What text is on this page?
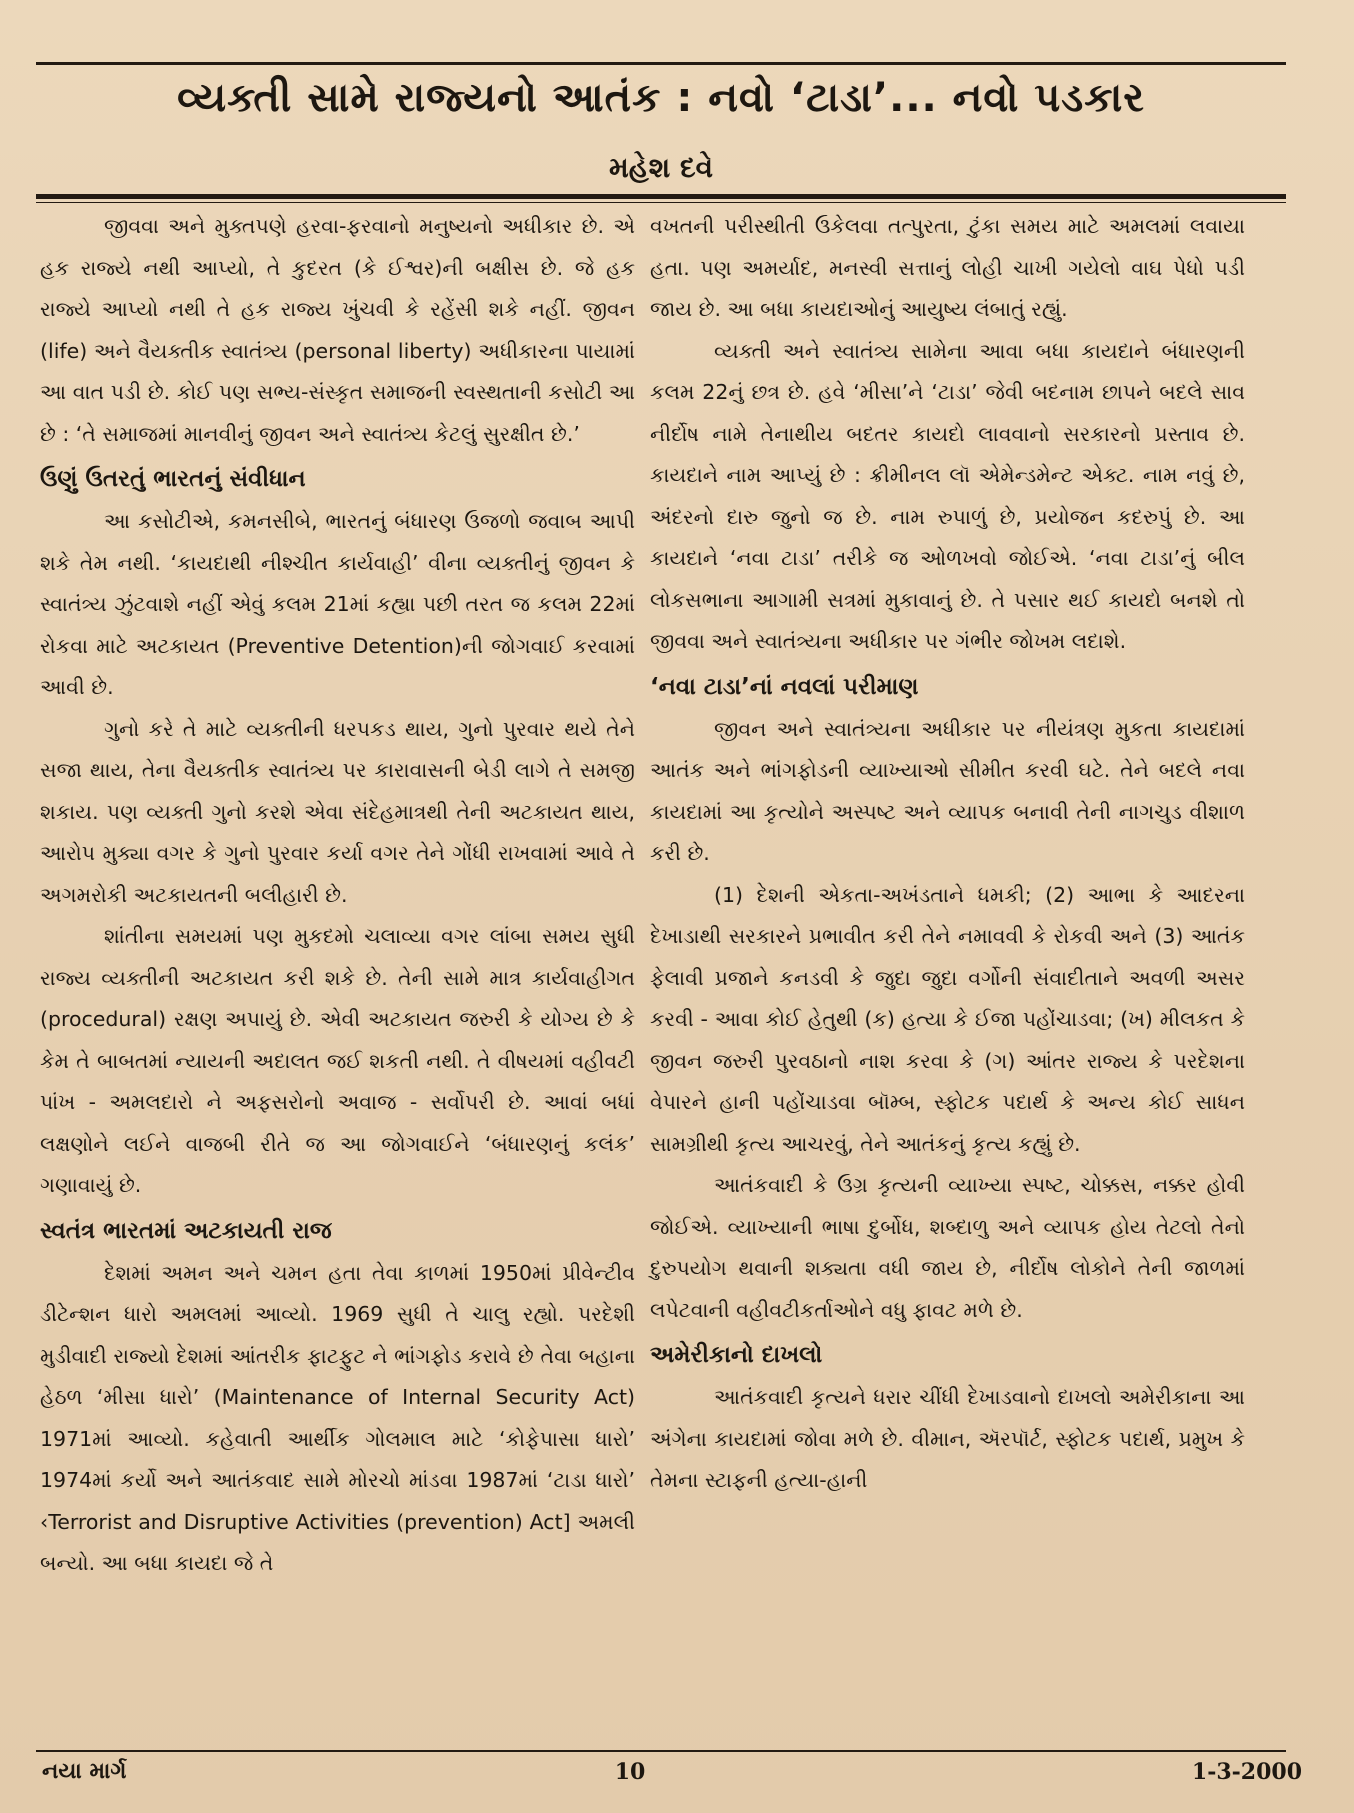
વ્યક્તી સામે રાજ્યનો આતંક : નવો ‘ટાડા’... નવો પડકાર
મહેશ દવે

જીવવા અને મુક્તપણે હરવા-ફરવાનો મનુષ્યનો અધીકાર છે. એ હક રાજ્યે નથી આપ્યો, તે કુદરત (કે ઈશ્વર)ની બક્ષીસ છે. જે હક રાજ્યે આપ્યો નથી તે હક રાજ્ય ખુંચવી કે રહેંસી શકે નહીં. જીવન (life) અને વૈયક્તીક સ્વાતંત્ર્ય (personal liberty) અધીકારના પાયામાં આ વાત પડી છે. કોઈ પણ સભ્ય-સંસ્કૃત સમાજની સ્વસ્થતાની કસોટી આ છે : ‘તે સમાજમાં માનવીનું જીવન અને સ્વાતંત્ર્ય કેટલું સુરક્ષીત છે.’

ઉણું ઉતરતું ભારતનું સંવીધાન

આ કસોટીએ, કમનસીબે, ભારતનું બંધારણ ઉજળો જવાબ આપી શકે તેમ નથી. ‘કાયદાથી નીશ્ચીત કાર્યવાહી’ વીના વ્યક્તીનું જીવન કે સ્વાતંત્ર્ય ઝુંટવાશે નહીં એવું કલમ 21માં કહ્યા પછી તરત જ કલમ 22માં રોકવા માટે અટકાયત (Preventive Detention)ની જોગવાઈ કરવામાં આવી છે.

ગુનો કરે તે માટે વ્યક્તીની ધરપકડ થાય, ગુનો પુરવાર થયે તેને સજા થાય, તેના વૈયક્તીક સ્વાતંત્ર્ય પર કારાવાસની બેડી લાગે તે સમજી શકાય. પણ વ્યક્તી ગુનો કરશે એવા સંદેહમાત્રથી તેની અટકાયત થાય, આરોપ મુક્યા વગર કે ગુનો પુરવાર કર્યા વગર તેને ગોંધી રાખવામાં આવે તે અગમરોકી અટકાયતની બલીહારી છે.

શાંતીના સમયમાં પણ મુકદમો ચલાવ્યા વગર લાંબા સમય સુધી રાજ્ય વ્યક્તીની અટકાયત કરી શકે છે. તેની સામે માત્ર કાર્યવાહીગત (procedural) રક્ષણ અપાયું છે. એવી અટકાયત જરુરી કે યોગ્ય છે કે કેમ તે બાબતમાં ન્યાયની અદાલત જઈ શકતી નથી. તે વીષયમાં વહીવટી પાંખ - અમલદારો ને અફસરોનો અવાજ - સર્વોપરી છે. આવાં બધાં લક્ષણોને લઈને વાજબી રીતે જ આ જોગવાઈને ‘બંધારણનું કલંક’ ગણાવાયું છે.

સ્વતંત્ર ભારતમાં અટકાયતી રાજ

દેશમાં અમન અને ચમન હતા તેવા કાળમાં 1950માં પ્રીવેન્ટીવ ડીટેન્શન ધારો અમલમાં આવ્યો. 1969 સુધી તે ચાલુ રહ્યો. પરદેશી મુડીવાદી રાજ્યો દેશમાં આંતરીક ફાટફુટ ને ભાંગફોડ કરાવે છે તેવા બહાના હેઠળ ‘મીસા ધારો’ (Maintenance of Internal Security Act) 1971માં આવ્યો. કહેવાતી આર્થીક ગોલમાલ માટે ‘કોફેપાસા ધારો’ 1974માં કર્યો અને આતંકવાદ સામે મોરચો માંડવા 1987માં ‘ટાડા ધારો’ ‹Terrorist and Disruptive Activities (prevention) Act] અમલી બન્યો. આ બધા કાયદા જે તે

વખતની પરીસ્થીતી ઉકેલવા તત્પુરતા, ટુંકા સમય માટે અમલમાં લવાયા હતા. પણ અમર્યાદ, મનસ્વી સત્તાનું લોહી ચાખી ગયેલો વાઘ પેધો પડી જાય છે. આ બધા કાયદાઓનું આયુષ્ય લંબાતું રહ્યું.

વ્યક્તી અને સ્વાતંત્ર્ય સામેના આવા બધા કાયદાને બંધારણની કલમ 22નું છત્ર છે. હવે ‘મીસા’ને ‘ટાડા’ જેવી બદનામ છાપને બદલે સાવ નીર્દોષ નામે તેનાથીય બદતર કાયદો લાવવાનો સરકારનો પ્રસ્તાવ છે. કાયદાને નામ આપ્યું છે : ક્રીમીનલ લૉ એમેન્ડમેન્ટ એક્ટ. નામ નવું છે, અંદરનો દારુ જુનો જ છે. નામ રુપાળું છે, પ્રયોજન કદરુપું છે. આ કાયદાને ‘નવા ટાડા’ તરીકે જ ઓળખવો જોઈએ. ‘નવા ટાડા’નું બીલ લોકસભાના આગામી સત્રમાં મુકાવાનું છે. તે પસાર થઈ કાયદો બનશે તો જીવવા અને સ્વાતંત્ર્યના અધીકાર પર ગંભીર જોખમ લદાશે.

‘નવા ટાડા’નાં નવલાં પરીમાણ

જીવન અને સ્વાતંત્ર્યના અધીકાર પર નીયંત્રણ મુકતા કાયદામાં આતંક અને ભાંગફોડની વ્યાખ્યાઓ સીમીત કરવી ઘટે. તેને બદલે નવા કાયદામાં આ કૃત્યોને અસ્પષ્ટ અને વ્યાપક બનાવી તેની નાગચુડ વીશાળ કરી છે.

(1) દેશની એકતા-અખંડતાને ધમકી; (2) આભા કે આદરના દેખાડાથી સરકારને પ્રભાવીત કરી તેને નમાવવી કે રોકવી અને (3) આતંક ફેલાવી પ્રજાને કનડવી કે જુદા જુદા વર્ગોની સંવાદીતાને અવળી અસર કરવી - આવા કોઈ હેતુથી (ક) હત્યા કે ઈજા પહોંચાડવા; (ખ) મીલકત કે જીવન જરુરી પુરવઠાનો નાશ કરવા કે (ગ) આંતર રાજ્ય કે પરદેશના વેપારને હાની પહોંચાડવા બૉમ્બ, સ્ફોટક પદાર્થ કે અન્ય કોઈ સાધન સામગ્રીથી કૃત્ય આચરવું, તેને આતંકનું કૃત્ય કહ્યું છે.

આતંકવાદી કે ઉગ્ર કૃત્યની વ્યાખ્યા સ્પષ્ટ, ચોક્કસ, નક્કર હોવી જોઈએ. વ્યાખ્યાની ભાષા દુર્બોધ, શબ્દાળુ અને વ્યાપક હોય તેટલો તેનો દુરુપયોગ થવાની શક્યતા વધી જાય છે, નીર્દોષ લોકોને તેની જાળમાં લપેટવાની વહીવટીકર્તાઓને વધુ ફાવટ મળે છે.

અમેરીકાનો દાખલો

આતંકવાદી કૃત્યને ધરાર ચીંધી દેખાડવાનો દાખલો અમેરીકાના આ અંગેના કાયદામાં જોવા મળે છે. વીમાન, ઍરપૉર્ટ, સ્ફોટક પદાર્થ, પ્રમુખ કે તેમના સ્ટાફની હત્યા-હાની

નયા માર્ગ	10	1-3-2000
